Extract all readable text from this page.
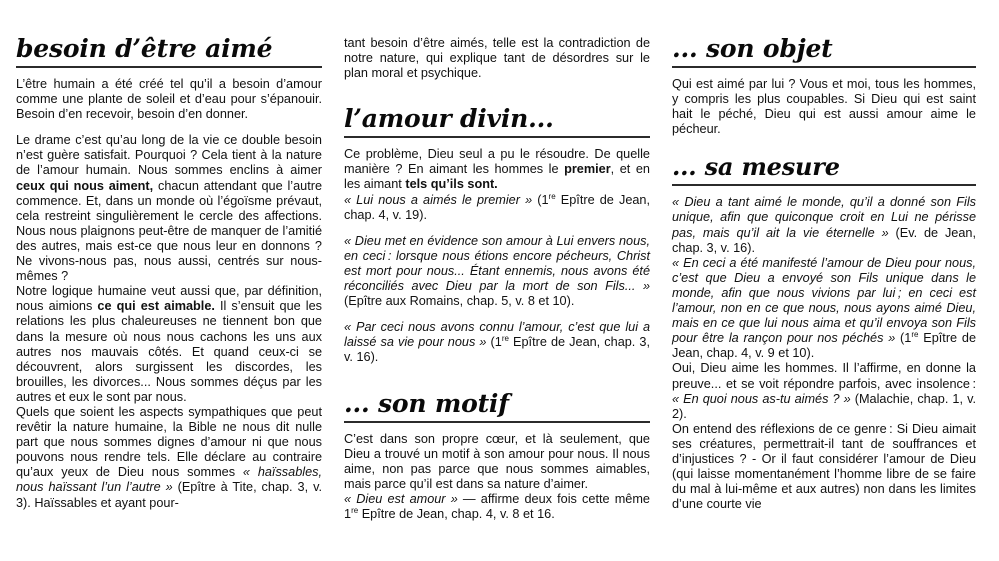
besoin d’être aimé

L’être humain a été créé tel qu’il a besoin d’amour comme une plante de soleil et d’eau pour s’épanouir. Besoin d’en recevoir, besoin d’en donner.

Le drame c’est qu’au long de la vie ce double besoin n’est guère satisfait. Pourquoi ? Cela tient à la nature de l’amour humain. Nous sommes enclins à aimer ceux qui nous aiment, chacun attendant que l’autre commence. Et, dans un monde où l’égoïsme prévaut, cela restreint singulièrement le cercle des affections. Nous nous plaignons peut-être de manquer de l’amitié des autres, mais est-ce que nous leur en donnons ? Ne vivons-nous pas, nous aussi, centrés sur nous-mêmes ?

Notre logique humaine veut aussi que, par définition, nous aimions ce qui est aimable. Il s’ensuit que les relations les plus chaleureuses ne tiennent bon que dans la mesure où nous nous cachons les uns aux autres nos mauvais côtés. Et quand ceux-ci se découvrent, alors surgissent les discordes, les brouilles, les divorces... Nous sommes déçus par les autres et eux le sont par nous.

Quels que soient les aspects sympathiques que peut revêtir la nature humaine, la Bible ne nous dit nulle part que nous sommes dignes d’amour ni que nous pouvons nous rendre tels. Elle déclare au contraire qu’aux yeux de Dieu nous sommes « haïssables, nous haïssant l’un l’autre » (Epître à Tite, chap. 3, v. 3). Haïssables et ayant pour-

tant besoin d’être aimés, telle est la contradiction de notre nature, qui explique tant de désordres sur le plan moral et psychique.

l’amour divin...

Ce problème, Dieu seul a pu le résoudre. De quelle manière ? En aimant les hommes le premier, et en les aimant tels qu’ils sont.

« Lui nous a aimés le premier » (1re Epître de Jean, chap. 4, v. 19).

« Dieu met en évidence son amour à Lui envers nous, en ceci : lorsque nous étions encore pécheurs, Christ est mort pour nous... Étant ennemis, nous avons été réconciliés avec Dieu par la mort de son Fils... » (Epître aux Romains, chap. 5, v. 8 et 10).

« Par ceci nous avons connu l’amour, c’est que lui a laissé sa vie pour nous » (1re Epître de Jean, chap. 3, v. 16).

... son motif

C’est dans son propre cœur, et là seulement, que Dieu a trouvé un motif à son amour pour nous. Il nous aime, non pas parce que nous sommes aimables, mais parce qu’il est dans sa nature d’aimer.

« Dieu est amour » — affirme deux fois cette même 1re Epître de Jean, chap. 4, v. 8 et 16.

... son objet

Qui est aimé par lui ? Vous et moi, tous les hommes, y compris les plus coupables. Si Dieu qui est saint hait le péché, Dieu qui est aussi amour aime le pécheur.

... sa mesure

« Dieu a tant aimé le monde, qu’il a donné son Fils unique, afin que quiconque croit en Lui ne périsse pas, mais qu’il ait la vie éternelle » (Ev. de Jean, chap. 3, v. 16).

« En ceci a été manifesté l’amour de Dieu pour nous, c’est que Dieu a envoyé son Fils unique dans le monde, afin que nous vivions par lui ; en ceci est l’amour, non en ce que nous, nous ayons aimé Dieu, mais en ce que lui nous aima et qu’il envoya son Fils pour être la rançon pour nos péchés » (1re Epître de Jean, chap. 4, v. 9 et 10).

Oui, Dieu aime les hommes. Il l’affirme, en donne la preuve... et se voit répondre parfois, avec insolence : « En quoi nous as-tu aimés ? » (Malachie, chap. 1, v. 2).

On entend des réflexions de ce genre : Si Dieu aimait ses créatures, permettrait-il tant de souffrances et d’injustices ? - Or il faut considérer l’amour de Dieu (qui laisse momentanément l’homme libre de se faire du mal à lui-même et aux autres) non dans les limites d’une courte vie
